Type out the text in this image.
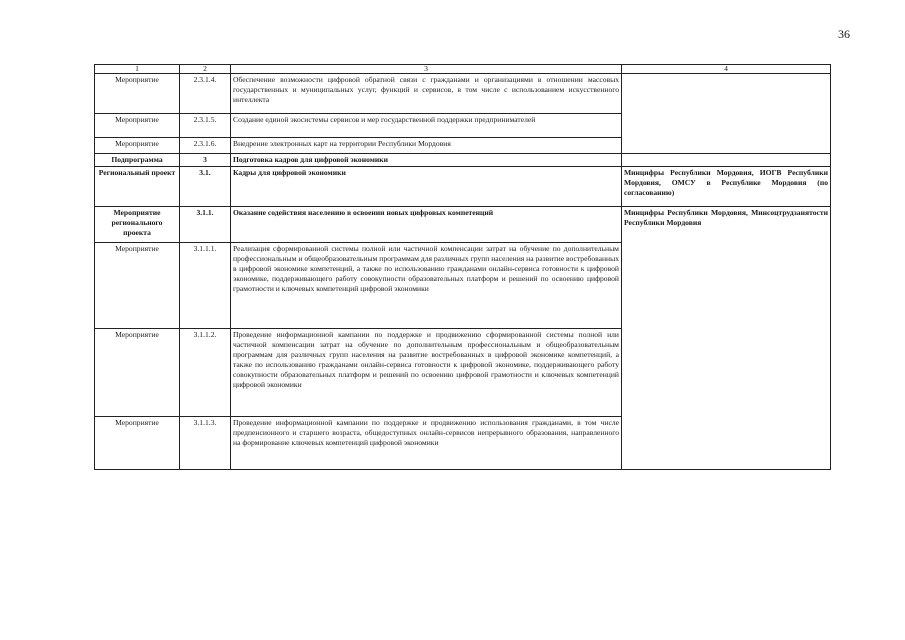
36
1	2	3	4
Мероприятие	2.3.1.4.	Обеспечение возможности цифровой обратной связи с гражданами и организациями в отношении массовых государственных и муниципальных услуг, функций и сервисов, в том числе с использованием искусственного интеллекта	
Мероприятие	2.3.1.5.	Создание единой экосистемы сервисов и мер государственной поддержки предпринимателей	
Мероприятие	2.3.1.6.	Внедрение электронных карт на территории Республики Мордовия	
Подпрограмма	3	Подготовка кадров для цифровой экономики	
Региональный проект	3.1.	Кадры для цифровой экономики	Минцифры Республики Мордовия, ИОГВ Республики Мордовия, ОМСУ в Республике Мордовия (по согласованию)
Мероприятие регионального проекта	3.1.1.	Оказание содействия населению в освоении новых цифровых компетенций	Минцифры Республики Мордовия, Минсоцтрудзанятости Республики Мордовия
Мероприятие	3.1.1.1.	Реализация сформированной системы полной или частичной компенсации затрат на обучение по дополнительным профессиональным и общеобразовательным программам для различных групп населения на развитие востребованных в цифровой экономике компетенций, а также по использованию гражданами онлайн-сервиса готовности к цифровой экономике, поддерживающего работу совокупности образовательных платформ и решений по освоению цифровой грамотности и ключевых компетенций цифровой экономики	
Мероприятие	3.1.1.2.	Проведение информационной кампании по поддержке и продвижению сформированной системы полной или частичной компенсации затрат на обучение по дополнительным профессиональным и общеобразовательным программам для различных групп населения на развитие востребованных в цифровой экономике компетенций, а также по использованию гражданами онлайн-сервиса готовности к цифровой экономике, поддерживающего работу совокупности образовательных платформ и решений по освоению цифровой грамотности и ключевых компетенций цифровой экономики	
Мероприятие	3.1.1.3.	Проведение информационной кампании по поддержке и продвижению использования гражданами, в том числе предпенсионного и старшего возраста, общедоступных онлайн-сервисов непрерывного образования, направленного на формирование ключевых компетенций цифровой экономики	
